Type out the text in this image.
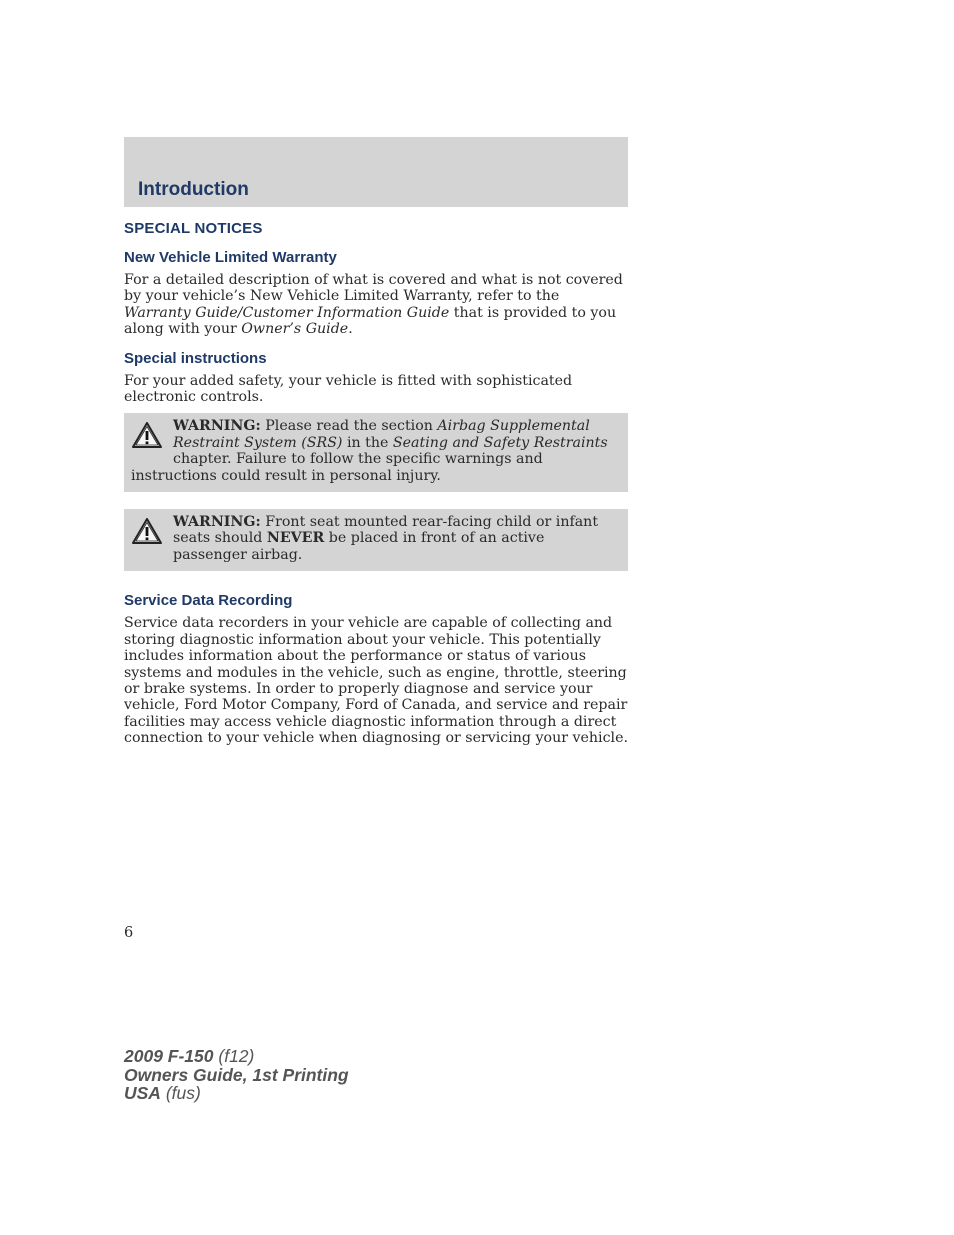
Introduction
SPECIAL NOTICES
New Vehicle Limited Warranty

For a detailed description of what is covered and what is not covered by your vehicle’s New Vehicle Limited Warranty, refer to the Warranty Guide/Customer Information Guide that is provided to you along with your Owner’s Guide.

Special instructions

For your added safety, your vehicle is fitted with sophisticated electronic controls.

WARNING: Please read the section Airbag Supplemental Restraint System (SRS) in the Seating and Safety Restraints chapter. Failure to follow the specific warnings and instructions could result in personal injury.
WARNING: Front seat mounted rear-facing child or infant seats should NEVER be placed in front of an active passenger airbag.
Service Data Recording

Service data recorders in your vehicle are capable of collecting and storing diagnostic information about your vehicle. This potentially includes information about the performance or status of various systems and modules in the vehicle, such as engine, throttle, steering or brake systems. In order to properly diagnose and service your vehicle, Ford Motor Company, Ford of Canada, and service and repair facilities may access vehicle diagnostic information through a direct connection to your vehicle when diagnosing or servicing your vehicle.

6
2009 F-150 (f12)
Owners Guide, 1st Printing
USA (fus)
